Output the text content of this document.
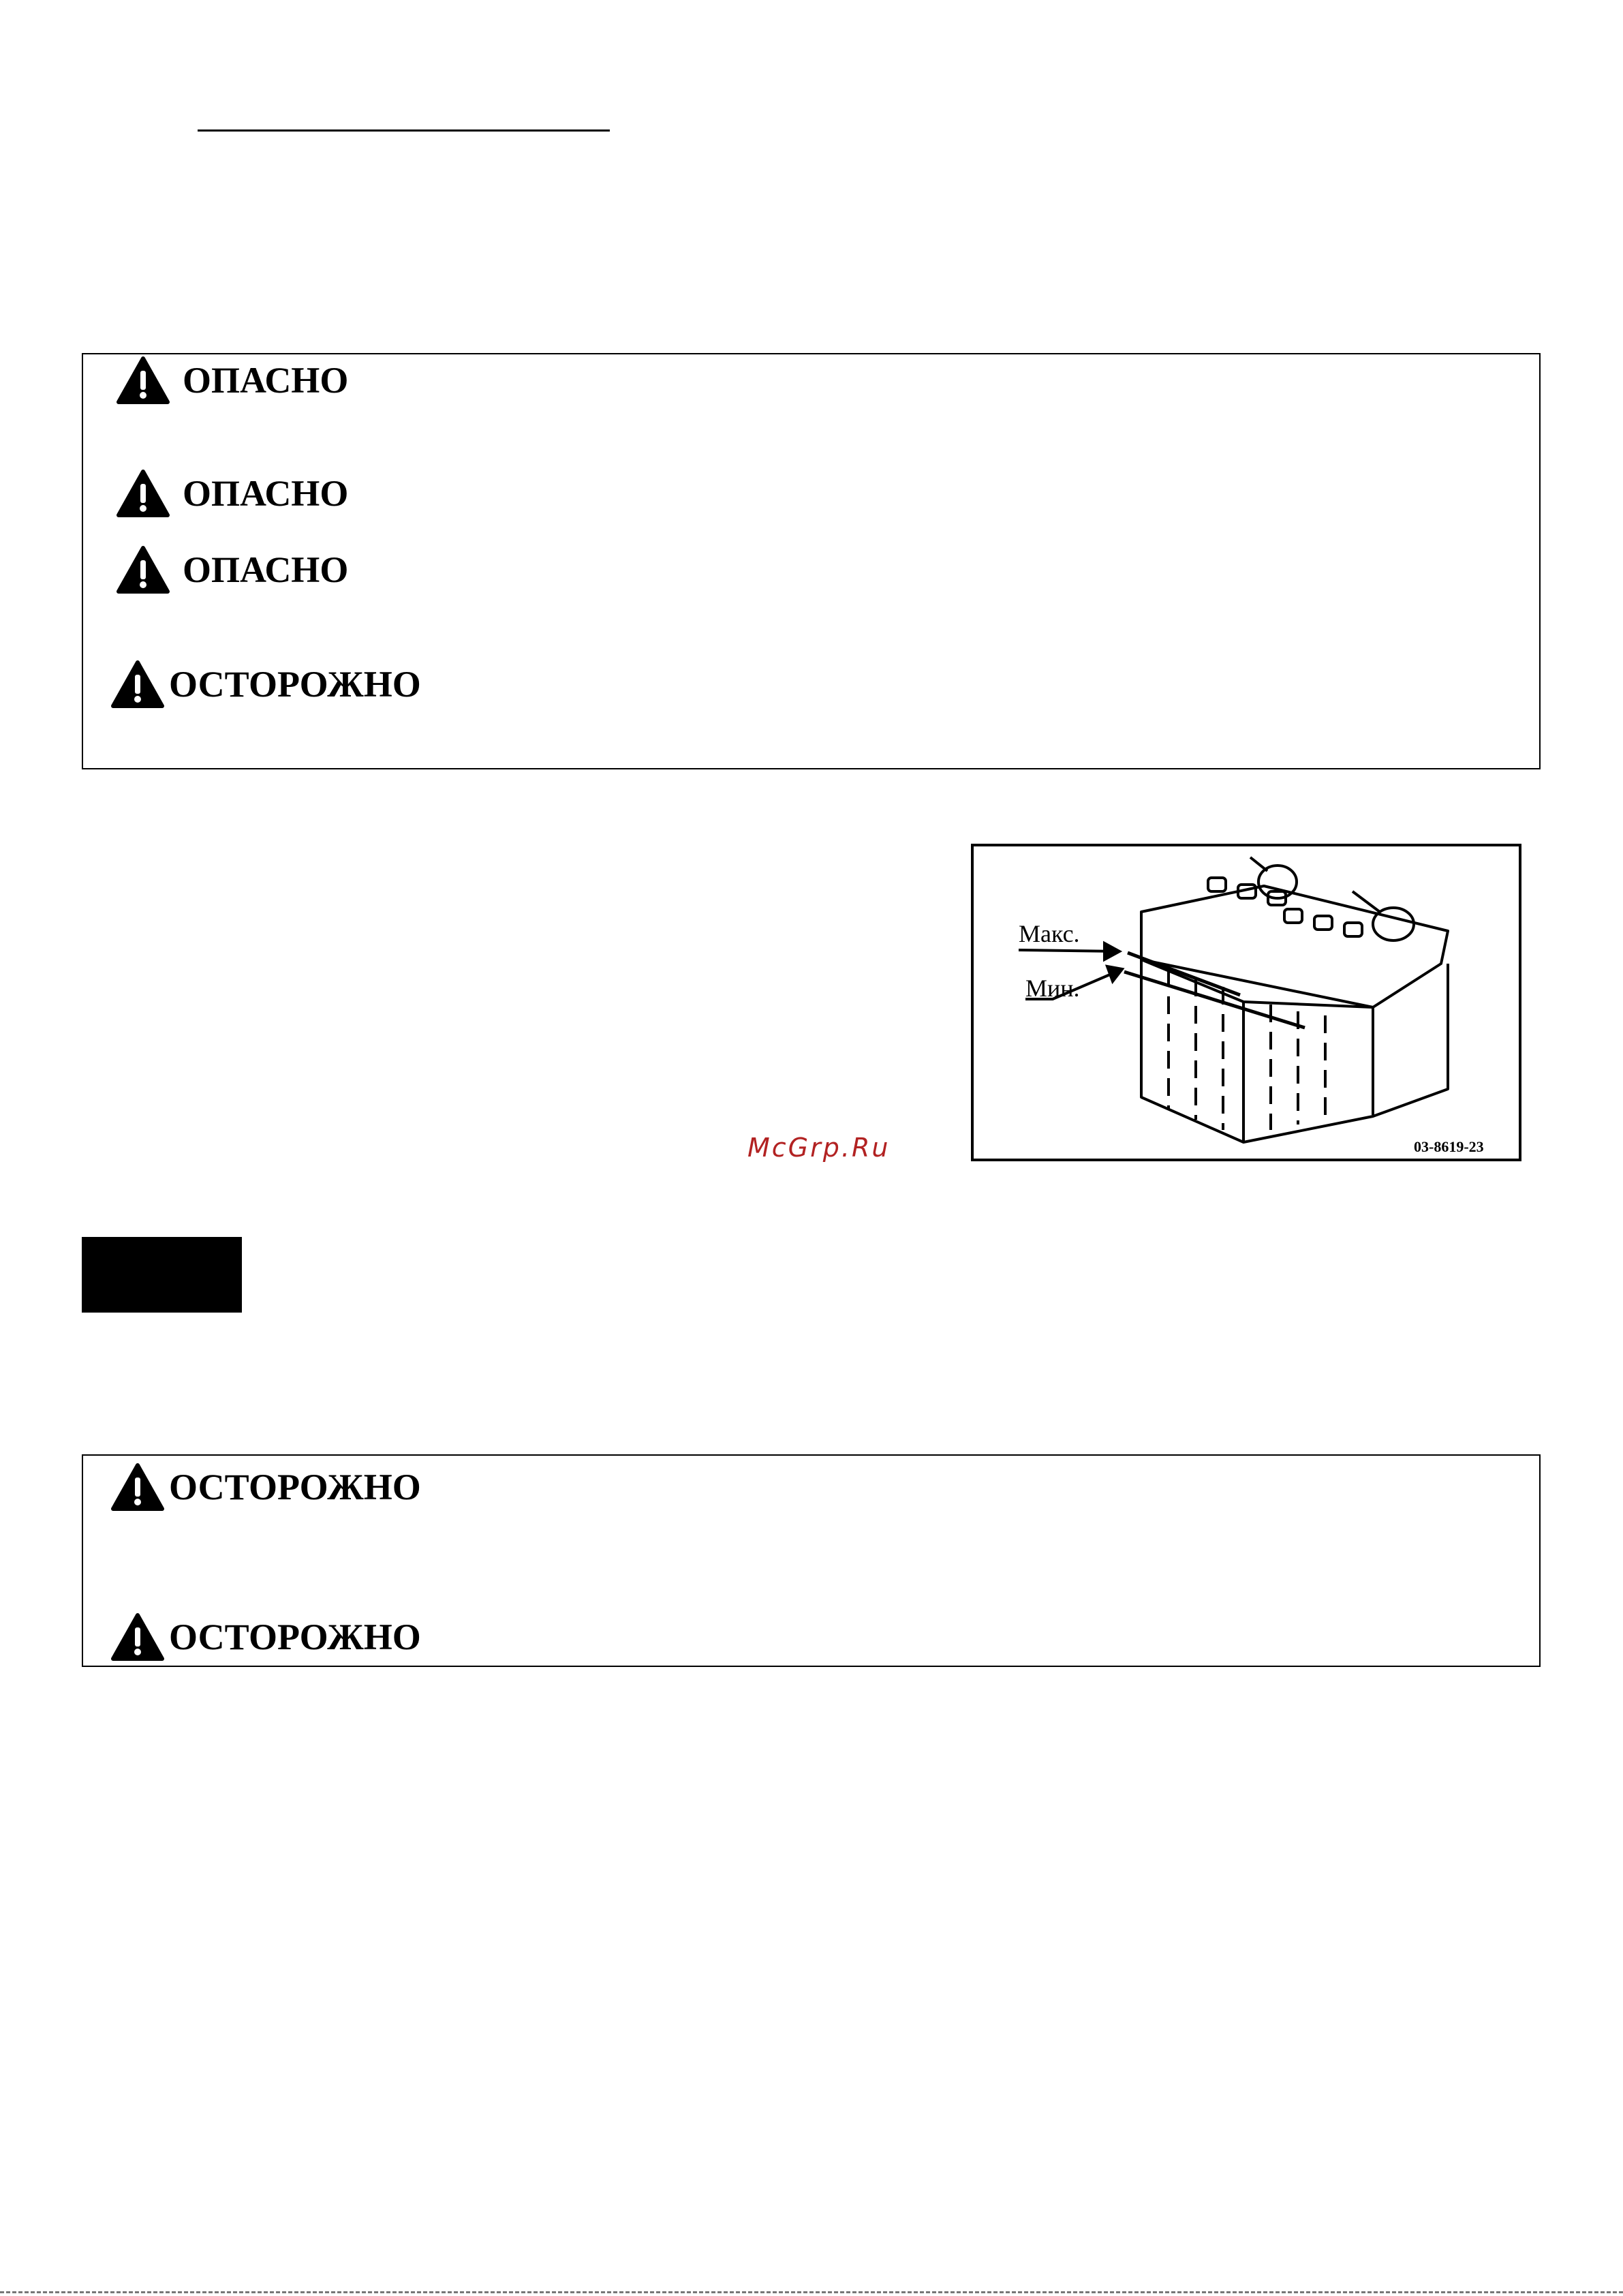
ОПАСНО
ОПАСНО
ОПАСНО
ОСТОРОЖНО
Макс.
Мин.
03-8619-23
McGrp.Ru
ОСТОРОЖНО
ОСТОРОЖНО
